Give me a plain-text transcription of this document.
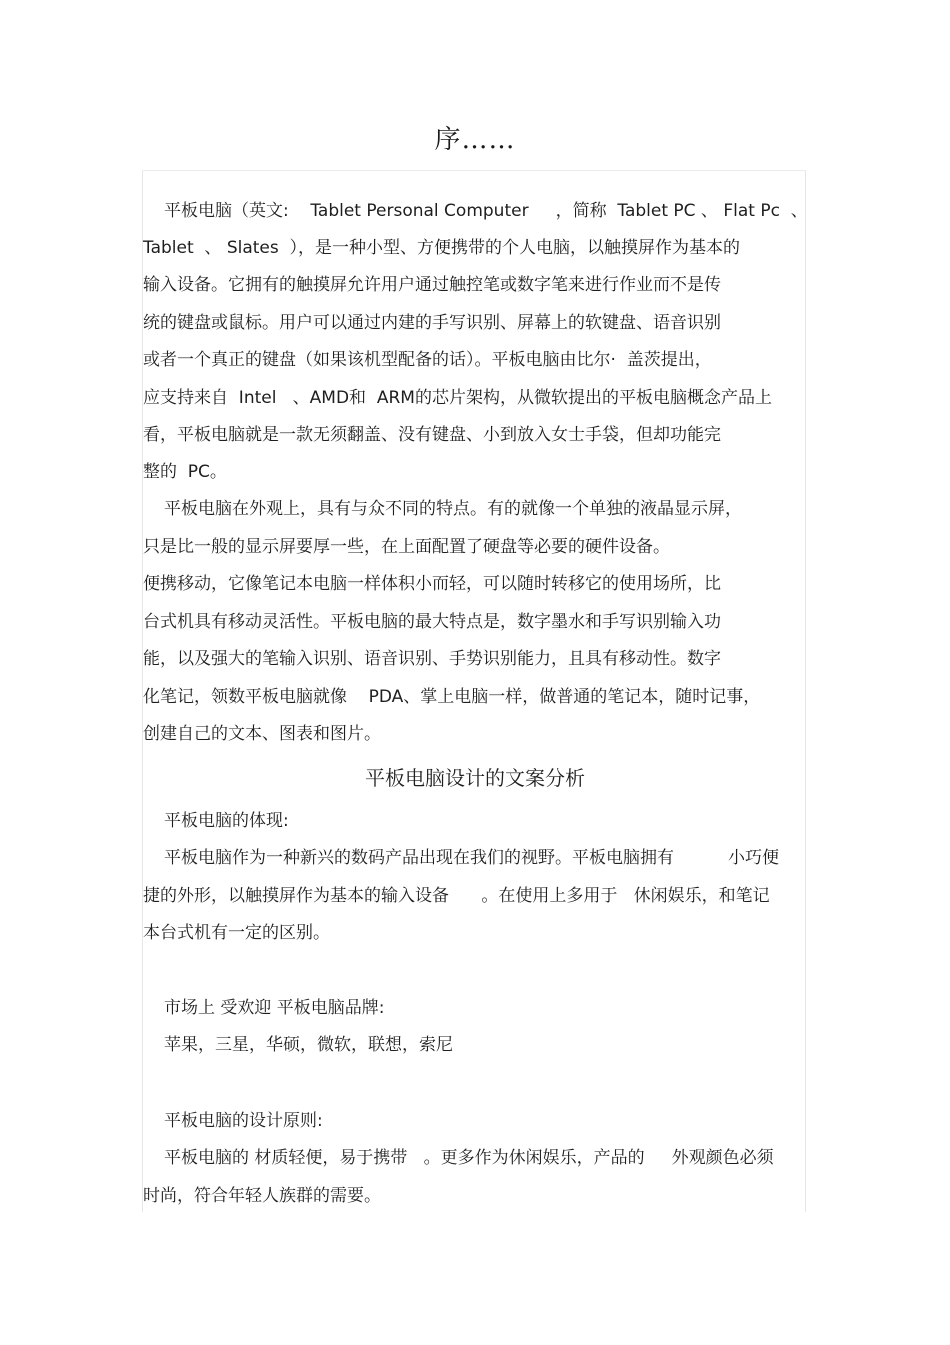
序……
平板电脑（英文:    Tablet Personal Computer     ，简称  Tablet PC 、 Flat Pc  、
Tablet  、 Slates  ），是一种小型、方便携带的个人电脑，以触摸屏作为基本的
输入设备。它拥有的触摸屏允许用户通过触控笔或数字笔来进行作业而不是传
统的键盘或鼠标。用户可以通过内建的手写识别、屏幕上的软键盘、语音识别
或者一个真正的键盘（如果该机型配备的话）。平板电脑由比尔·  盖茨提出，
应支持来自  Intel   、AMD和  ARM的芯片架构，从微软提出的平板电脑概念产品上
看，平板电脑就是一款无须翻盖、没有键盘、小到放入女士手袋，但却功能完
整的  PC。
平板电脑在外观上，具有与众不同的特点。有的就像一个单独的液晶显示屏，
只是比一般的显示屏要厚一些，在上面配置了硬盘等必要的硬件设备。
便携移动，它像笔记本电脑一样体积小而轻，可以随时转移它的使用场所，比
台式机具有移动灵活性。平板电脑的最大特点是，数字墨水和手写识别输入功
能，以及强大的笔输入识别、语音识别、手势识别能力，且具有移动性。数字
化笔记，领数平板电脑就像    PDA、掌上电脑一样，做普通的笔记本，随时记事，
创建自己的文本、图表和图片。
平板电脑设计的文案分析
平板电脑的体现:
平板电脑作为一种新兴的数码产品出现在我们的视野。平板电脑拥有          小巧便
捷的外形，以触摸屏作为基本的输入设备      。在使用上多用于   休闲娱乐，和笔记
本台式机有一定的区别。
市场上 受欢迎 平板电脑品牌:
苹果，三星，华硕，微软，联想，索尼
平板电脑的设计原则:
平板电脑的 材质轻便，易于携带   。更多作为休闲娱乐，产品的     外观颜色必须
时尚，符合年轻人族群的需要。
